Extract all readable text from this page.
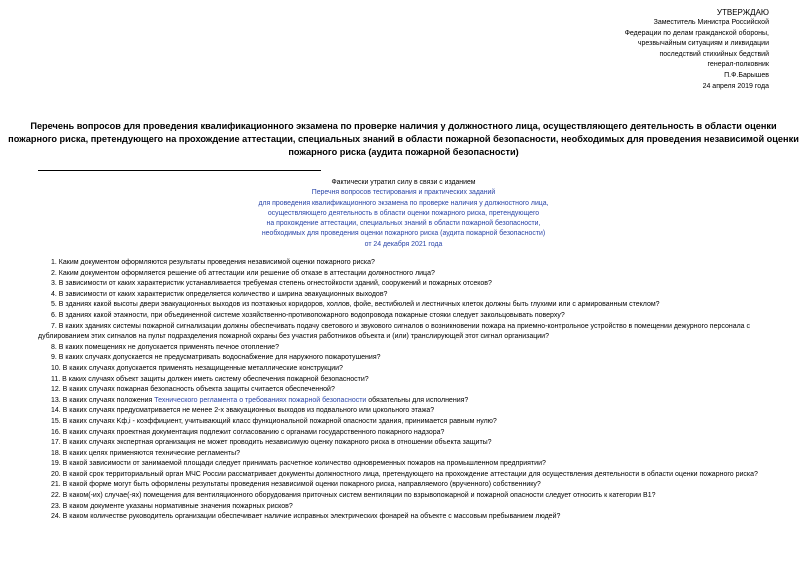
УТВЕРЖДАЮ
Заместитель Министра Российской
Федерации по делам гражданской обороны,
чрезвычайным ситуациям и ликвидации
последствий стихийных бедствий
генерал-полковник
П.Ф.Барышев
24 апреля 2019 года
Перечень вопросов для проведения квалификационного экзамена по проверке наличия у должностного лица, осуществляющего деятельность в области оценки пожарного риска, претендующего на прохождение аттестации, специальных знаний в области пожарной безопасности, необходимых для проведения независимой оценки пожарного риска (аудита пожарной безопасности)
Фактически утратил силу в связи с изданием
Перечня вопросов тестирования и практических заданий
для проведения квалификационного экзамена по проверке наличия у должностного лица,
осуществляющего деятельность в области оценки пожарного риска, претендующего
на прохождение аттестации, специальных знаний в области пожарной безопасности,
необходимых для проведения оценки пожарного риска (аудита пожарной безопасности)
от 24 декабря 2021 года

1. Каким документом оформляются результаты проведения независимой оценки пожарного риска?

2. Каким документом оформляется решение об аттестации или решение об отказе в аттестации должностного лица?

3. В зависимости от каких характеристик устанавливается требуемая степень огнестойкости зданий, сооружений и пожарных отсеков?

4. В зависимости от каких характеристик определяется количество и ширина эвакуационных выходов?

5. В зданиях какой высоты двери эвакуационных выходов из поэтажных коридоров, холлов, фойе, вестибюлей и лестничных клеток должны быть глухими или с армированным стеклом?

6. В зданиях какой этажности, при объединенной системе хозяйственно-противопожарного водопровода пожарные стояки следует закольцовывать поверху?

7. В каких зданиях системы пожарной сигнализации должны обеспечивать подачу светового и звукового сигналов о возникновении пожара на приемно-контрольное устройство в помещении дежурного персонала с дублированием этих сигналов на пульт подразделения пожарной охраны без участия работников объекта и (или) транслирующей этот сигнал организации?

8. В каких помещениях не допускается применять печное отопление?

9. В каких случаях допускается не предусматривать водоснабжение для наружного пожаротушения?

10. В каких случаях допускается применять незащищенные металлические конструкции?

11. В каких случаях объект защиты должен иметь систему обеспечения пожарной безопасности?

12. В каких случаях пожарная безопасность объекта защиты считается обеспеченной?

13. В каких случаях положения Технического регламента о требованиях пожарной безопасности обязательны для исполнения?

14. В каких случаях предусматривается не менее 2-х эвакуационных выходов из подвального или цокольного этажа?

15. В каких случаях Kф,i - коэффициент, учитывающий класс функциональной пожарной опасности здания, принимается равным нулю?

16. В каких случаях проектная документация подлежит согласованию с органами государственного пожарного надзора?

17. В каких случаях экспертная организация не может проводить независимую оценку пожарного риска в отношении объекта защиты?

18. В каких целях применяются технические регламенты?

19. В какой зависимости от занимаемой площади следует принимать расчетное количество одновременных пожаров на промышленном предприятии?

20. В какой срок территориальный орган МЧС России рассматривает документы должностного лица, претендующего на прохождение аттестации для осуществления деятельности в области оценки пожарного риска?

21. В какой форме могут быть оформлены результаты проведения независимой оценки пожарного риска, направляемого (врученного) собственнику?

22. В каком(-их) случае(-ях) помещения для вентиляционного оборудования приточных систем вентиляции по взрывопожарной и пожарной опасности следует относить к категории В1?

23. В каком документе указаны нормативные значения пожарных рисков?

24. В каком количестве руководитель организации обеспечивает наличие исправных электрических фонарей на объекте с массовым пребыванием людей?
